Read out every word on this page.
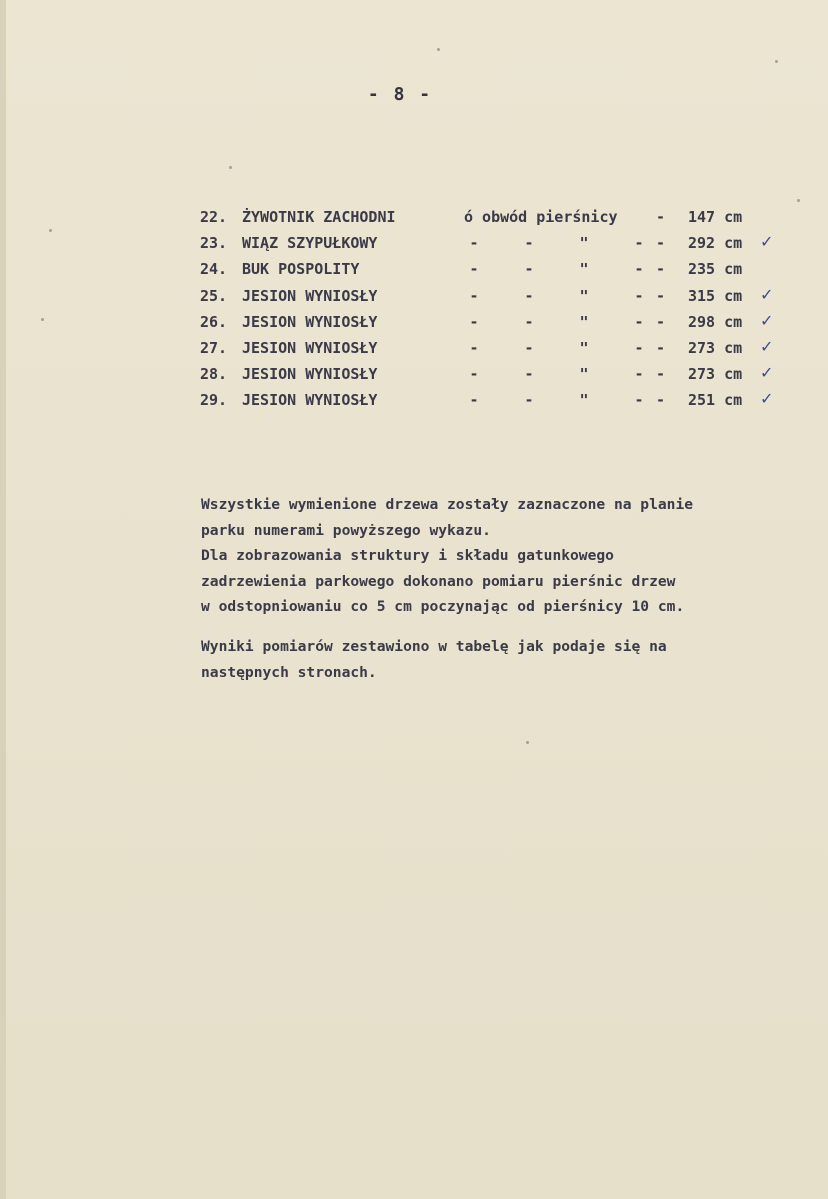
- 8 -
22. ŻYWOTNIK ZACHODNI	ó obwód pierśnicy	- 147 cm
23. WIĄZ SZYPUŁKOWY	-	-	"	- - 292 cm ✓
24. BUK POSPOLITY	-	-	"	- - 235 cm
25. JESION WYNIOSŁY	-	-	"	- - 315 cm ✓
26. JESION WYNIOSŁY	-	-	"	- - 298 cm ✓
27. JESION WYNIOSŁY	-	-	"	- - 273 cm ✓
28. JESION WYNIOSŁY	-	-	"	- - 273 cm ✓
29. JESION WYNIOSŁY	-	-	"	- - 251 cm ✓
Wszystkie wymienione drzewa zostały zaznaczone na planie
parku numerami powyższego wykazu.
Dla zobrazowania struktury i składu gatunkowego
zadrzewienia parkowego dokonano pomiaru pierśnic drzew
w odstopniowaniu co 5 cm poczynając od pierśnicy 10 cm.
Wyniki pomiarów zestawiono w tabelę jak podaje się na
następnych stronach.
